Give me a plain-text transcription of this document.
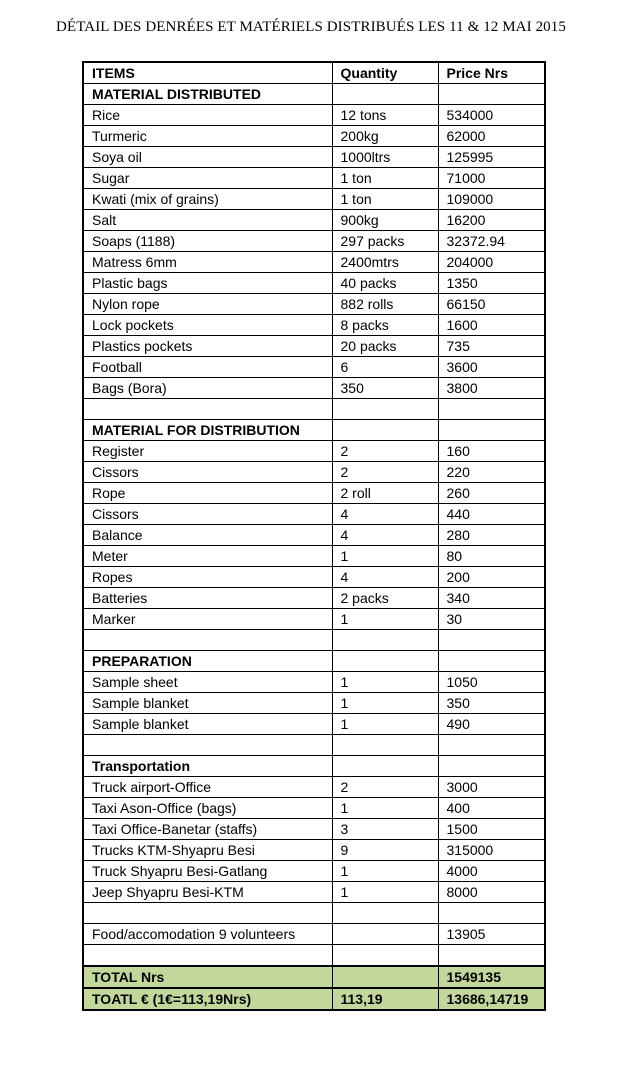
DÉTAIL DES DENRÉES ET MATÉRIELS DISTRIBUÉS LES 11 & 12 MAI 2015
ITEMS	Quantity	Price Nrs
MATERIAL DISTRIBUTED		
Rice	12 tons	534000
Turmeric	200kg	62000
Soya oil	1000ltrs	125995
Sugar	1 ton	71000
Kwati (mix of grains)	1 ton	109000
Salt	900kg	16200
Soaps (1188)	297 packs	32372.94
Matress 6mm	2400mtrs	204000
Plastic bags	40 packs	1350
Nylon rope	882 rolls	66150
Lock pockets	8 packs	1600
Plastics pockets	20 packs	735
Football	6	3600
Bags (Bora)	350	3800

MATERIAL FOR DISTRIBUTION		
Register	2	160
Cissors	2	220
Rope	2 roll	260
Cissors	4	440
Balance	4	280
Meter	1	80
Ropes	4	200
Batteries	2 packs	340
Marker	1	30

PREPARATION		
Sample sheet	1	1050
Sample blanket	1	350
Sample blanket	1	490

Transportation		
Truck airport-Office	2	3000
Taxi Ason-Office (bags)	1	400
Taxi Office-Banetar (staffs)	3	1500
Trucks KTM-Shyapru Besi	9	315000
Truck Shyapru Besi-Gatlang	1	4000
Jeep Shyapru Besi-KTM	1	8000

Food/accomodation 9 volunteers		13905

TOTAL Nrs		1549135
TOATL € (1€=113,19Nrs)	113,19	13686,14719
